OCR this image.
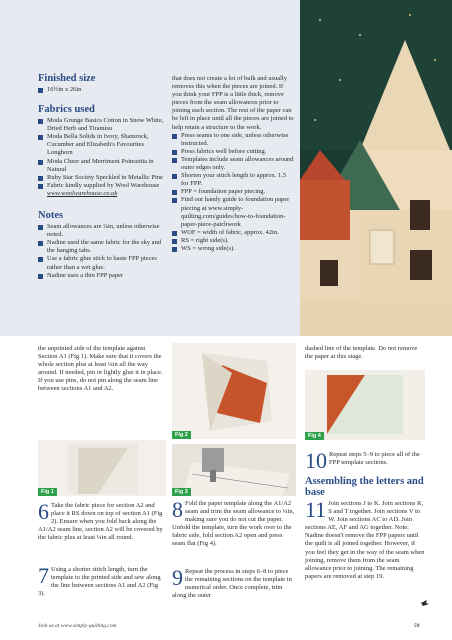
Finished size
16½in x 26in
Fabrics used
Moda Grunge Basics Cotton in Snow White, Dried Herb and Tiramisu
Moda Bella Solids in Ivory, Shamrock, Cucumber and Elizabeth's Favourites Longhorn
Moda Cheer and Merriment Poinsettia in Natural
Ruby Star Society Speckled in Metallic Pine
Fabric kindly supplied by Wool Warehouse
www.woolwarehouse.co.uk
Notes
Seam allowances are ¼in, unless otherwise noted.
Nadine used the same fabric for the sky and the hanging tabs.
Use a fabric glue stick to baste FPP pieces rather than a wet glue.
Nadine uses a thin FPP paper

that does not create a lot of bulk and usually removes this when the pieces are joined. If you think your FPP is a little thick, remove pieces from the seam allowances prior to joining each section. The rest of the paper can be left in place until all the pieces are joined to help retain a structure to the work.

Press seams to one side, unless otherwise instructed.
Press fabrics well before cutting.
Templates include seam allowances around outer edges only.
Shorten your stitch length to approx. 1.5 for FPP.
FPP = foundation paper piecing.
Find our handy guide to foundation paper piecing at www.simply-quilting.com/guides/how-to-foundation-paper-piece-patchwork
WOF = width of fabric, approx. 42in.
RS = right side(s).
WS = wrong side(s).

the unprinted side of the template against Section A1 (Fig 1). Make sure that it covers the whole section plus at least ¼in all the way around. If needed, pin or lightly glue it in place. If you use pins, do not pin along the seam line between sections A1 and A2.

dashed line of the template. Do not remove the paper at this stage.

Fig 2	Fig 4
Fig 1	Fig 3
10 Repeat steps 5–9 to piece all of the FPP template sections.

Assembling the letters and base
11 Join sections J to K. Join sections R, S and T together. Join sections V to W. Join sections AC to AD. Join sections AE, AF and AG together. Note: Nadine doesn't remove the FPP papers until the quilt is all joined together. However, if you feel they get in the way of the seam when joining, remove them from the seam allowance prior to joining. The remaining papers are removed at step 19.

6 Take the fabric piece for section A2 and place it RS down on top of section A1 (Fig 2). Ensure when you fold back along the A1/A2 seam line, section A2 will be covered by the fabric plus at least ¼in all round.

7 Using a shorter stitch length, turn the template to the printed side and sew along the line between sections A1 and A2 (Fig 3).

8 Fold the paper template along the A1/A2 seam and trim the seam allowance to ¼in, making sure you do not cut the paper. Unfold the template, turn the work over to the fabric side, fold section A2 open and press seam flat (Fig 4).

9 Repeat the process in steps 6–8 to piece the remaining sections on the template in numerical order. Once complete, trim along the outer

Join us at www.simply-quilting.com	59
